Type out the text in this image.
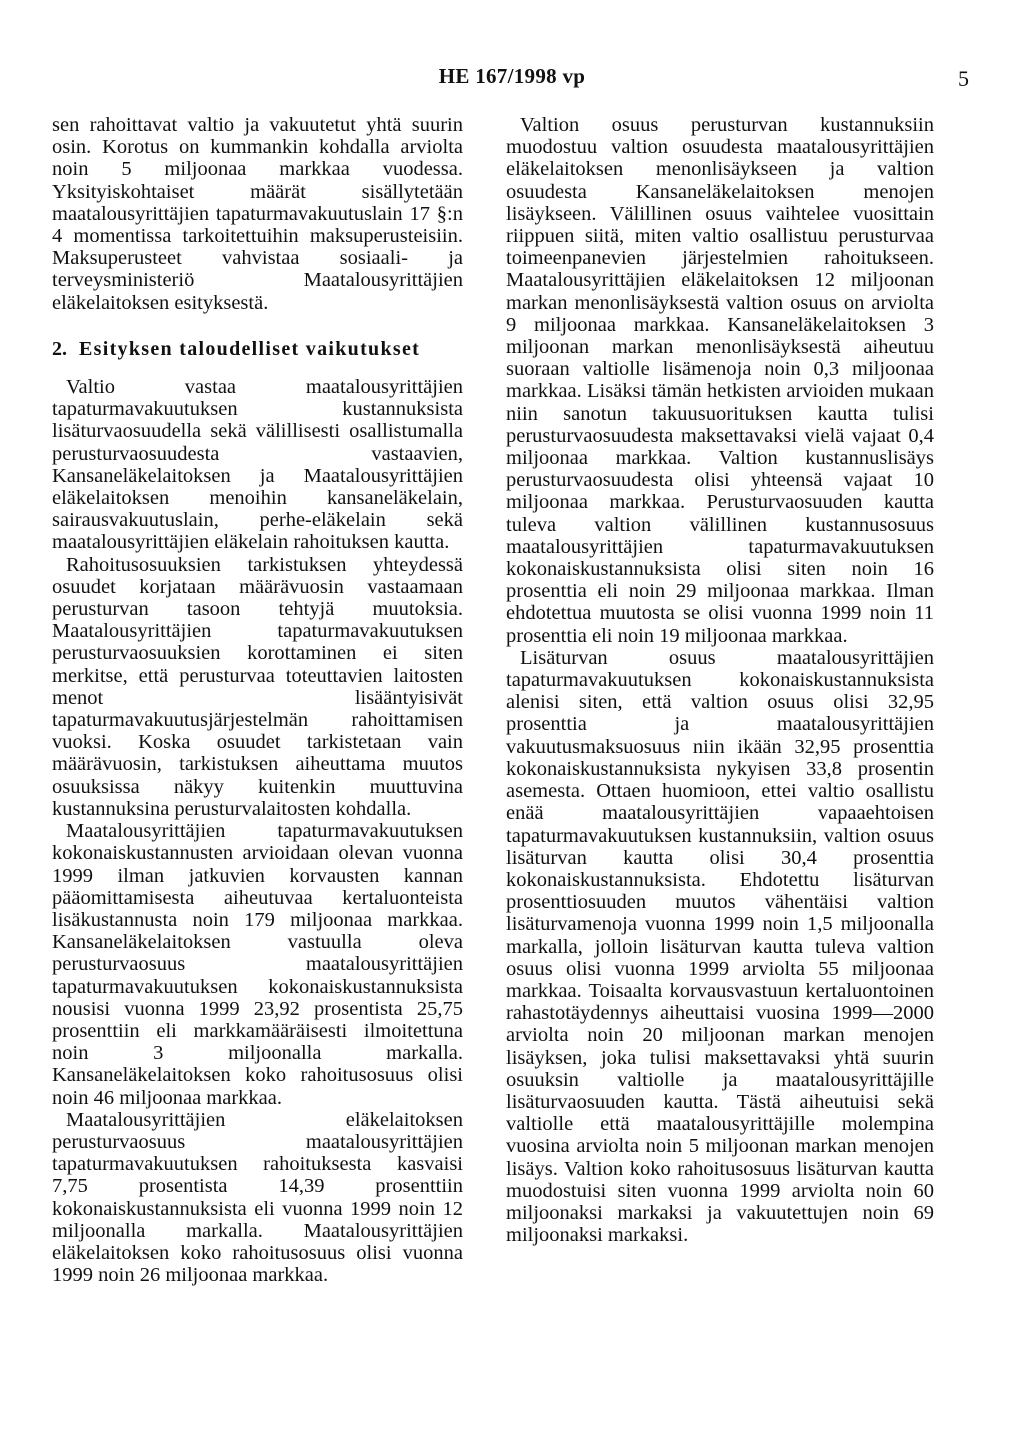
HE 167/1998 vp	5

sen rahoittavat valtio ja vakuutetut yhtä suurin osin. Korotus on kummankin kohdalla arviolta noin 5 miljoonaa markkaa vuodessa. Yksityiskohtaiset määrät sisällytetään maatalousyrittäjien tapaturmavakuutuslain 17 §:n 4 momentissa tarkoitettuihin maksuperusteisiin. Maksuperusteet vahvistaa sosiaali- ja terveysministeriö Maatalousyrittäjien eläkelaitoksen esityksestä.

2. Esityksen taloudelliset vaikutukset

Valtio vastaa maatalousyrittäjien tapaturmavakuutuksen kustannuksista lisäturvaosuudella sekä välillisesti osallistumalla perusturvaosuudesta vastaavien, Kansaneläkelaitoksen ja Maatalousyrittäjien eläkelaitoksen menoihin kansaneläkelain, sairausvakuutuslain, perhe-eläkelain sekä maatalousyrittäjien eläkelain rahoituksen kautta.

Rahoitusosuuksien tarkistuksen yhteydessä osuudet korjataan määrävuosin vastaamaan perusturvan tasoon tehtyjä muutoksia. Maatalousyrittäjien tapaturmavakuutuksen perusturvaosuuksien korottaminen ei siten merkitse, että perusturvaa toteuttavien laitosten menot lisääntyisivät tapaturmavakuutusjärjestelmän rahoittamisen vuoksi. Koska osuudet tarkistetaan vain määrävuosin, tarkistuksen aiheuttama muutos osuuksissa näkyy kuitenkin muuttuvina kustannuksina perusturvalaitosten kohdalla.

Maatalousyrittäjien tapaturmavakuutuksen kokonaiskustannusten arvioidaan olevan vuonna 1999 ilman jatkuvien korvausten kannan pääomittamisesta aiheutuvaa kertaluonteista lisäkustannusta noin 179 miljoonaa markkaa. Kansaneläkelaitoksen vastuulla oleva perusturvaosuus maatalousyrittäjien tapaturmavakuutuksen kokonaiskustannuksista nousisi vuonna 1999 23,92 prosentista 25,75 prosenttiin eli markkamääräisesti ilmoitettuna noin 3 miljoonalla markalla. Kansaneläkelaitoksen koko rahoitusosuus olisi noin 46 miljoonaa markkaa.

Maatalousyrittäjien eläkelaitoksen perusturvaosuus maatalousyrittäjien tapaturmavakuutuksen rahoituksesta kasvaisi 7,75 prosentista 14,39 prosenttiin kokonaiskustannuksista eli vuonna 1999 noin 12 miljoonalla markalla. Maatalousyrittäjien eläkelaitoksen koko rahoitusosuus olisi vuonna 1999 noin 26 miljoonaa markkaa.

Valtion osuus perusturvan kustannuksiin muodostuu valtion osuudesta maatalousyrittäjien eläkelaitoksen menonlisäykseen ja valtion osuudesta Kansaneläkelaitoksen menojen lisäykseen. Välillinen osuus vaihtelee vuosittain riippuen siitä, miten valtio osallistuu perusturvaa toimeenpanevien järjestelmien rahoitukseen. Maatalousyrittäjien eläkelaitoksen 12 miljoonan markan menonlisäyksestä valtion osuus on arviolta 9 miljoonaa markkaa. Kansaneläkelaitoksen 3 miljoonan markan menonlisäyksestä aiheutuu suoraan valtiolle lisämenoja noin 0,3 miljoonaa markkaa. Lisäksi tämän hetkisten arvioiden mukaan niin sanotun takuusuorituksen kautta tulisi perusturvaosuudesta maksettavaksi vielä vajaat 0,4 miljoonaa markkaa. Valtion kustannuslisäys perusturvaosuudesta olisi yhteensä vajaat 10 miljoonaa markkaa. Perusturvaosuuden kautta tuleva valtion välillinen kustannusosuus maatalousyrittäjien tapaturmavakuutuksen kokonaiskustannuksista olisi siten noin 16 prosenttia eli noin 29 miljoonaa markkaa. Ilman ehdotettua muutosta se olisi vuonna 1999 noin 11 prosenttia eli noin 19 miljoonaa markkaa.

Lisäturvan osuus maatalousyrittäjien tapaturmavakuutuksen kokonaiskustannuksista alenisi siten, että valtion osuus olisi 32,95 prosenttia ja maatalousyrittäjien vakuutusmaksuosuus niin ikään 32,95 prosenttia kokonaiskustannuksista nykyisen 33,8 prosentin asemesta. Ottaen huomioon, ettei valtio osallistu enää maatalousyrittäjien vapaaehtoisen tapaturmavakuutuksen kustannuksiin, valtion osuus lisäturvan kautta olisi 30,4 prosenttia kokonaiskustannuksista. Ehdotettu lisäturvan prosenttiosuuden muutos vähentäisi valtion lisäturvamenoja vuonna 1999 noin 1,5 miljoonalla markalla, jolloin lisäturvan kautta tuleva valtion osuus olisi vuonna 1999 arviolta 55 miljoonaa markkaa. Toisaalta korvausvastuun kertaluontoinen rahastotäydennys aiheuttaisi vuosina 1999—2000 arviolta noin 20 miljoonan markan menojen lisäyksen, joka tulisi maksettavaksi yhtä suurin osuuksin valtiolle ja maatalousyrittäjille lisäturvaosuuden kautta. Tästä aiheutuisi sekä valtiolle että maatalousyrittäjille molempina vuosina arviolta noin 5 miljoonan markan menojen lisäys. Valtion koko rahoitusosuus lisäturvan kautta muodostuisi siten vuonna 1999 arviolta noin 60 miljoonaksi markaksi ja vakuutettujen noin 69 miljoonaksi markaksi.
